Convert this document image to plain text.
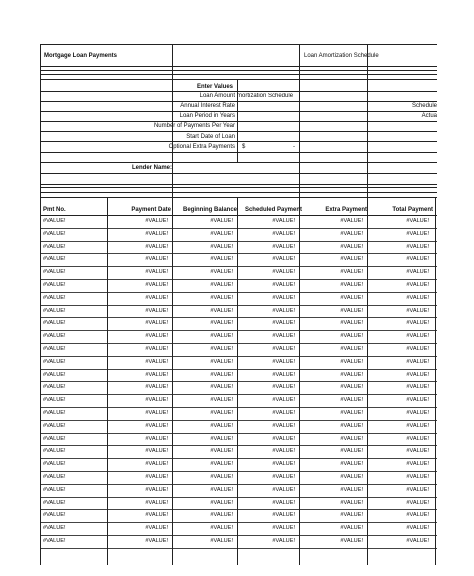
Mortgage Loan Payments	Loan Amortization Schedule
Enter Values
Loan Amount mortization Schedule
Annual Interest Rate	Schedule
Loan Period in Years	Actua
Number of Payments Per Year
Start Date of Loan
Optional Extra Payments $	-
Lender Name:
Pmt No.	Payment Date	Beginning Balance	Scheduled Payment	Extra Payment	Total Payment
#VALUE!	#VALUE!	#VALUE!	#VALUE!	#VALUE!	#VALUE!
#VALUE!	#VALUE!	#VALUE!	#VALUE!	#VALUE!	#VALUE!
#VALUE!	#VALUE!	#VALUE!	#VALUE!	#VALUE!	#VALUE!
#VALUE!	#VALUE!	#VALUE!	#VALUE!	#VALUE!	#VALUE!
#VALUE!	#VALUE!	#VALUE!	#VALUE!	#VALUE!	#VALUE!
#VALUE!	#VALUE!	#VALUE!	#VALUE!	#VALUE!	#VALUE!
#VALUE!	#VALUE!	#VALUE!	#VALUE!	#VALUE!	#VALUE!
#VALUE!	#VALUE!	#VALUE!	#VALUE!	#VALUE!	#VALUE!
#VALUE!	#VALUE!	#VALUE!	#VALUE!	#VALUE!	#VALUE!
#VALUE!	#VALUE!	#VALUE!	#VALUE!	#VALUE!	#VALUE!
#VALUE!	#VALUE!	#VALUE!	#VALUE!	#VALUE!	#VALUE!
#VALUE!	#VALUE!	#VALUE!	#VALUE!	#VALUE!	#VALUE!
#VALUE!	#VALUE!	#VALUE!	#VALUE!	#VALUE!	#VALUE!
#VALUE!	#VALUE!	#VALUE!	#VALUE!	#VALUE!	#VALUE!
#VALUE!	#VALUE!	#VALUE!	#VALUE!	#VALUE!	#VALUE!
#VALUE!	#VALUE!	#VALUE!	#VALUE!	#VALUE!	#VALUE!
#VALUE!	#VALUE!	#VALUE!	#VALUE!	#VALUE!	#VALUE!
#VALUE!	#VALUE!	#VALUE!	#VALUE!	#VALUE!	#VALUE!
#VALUE!	#VALUE!	#VALUE!	#VALUE!	#VALUE!	#VALUE!
#VALUE!	#VALUE!	#VALUE!	#VALUE!	#VALUE!	#VALUE!
#VALUE!	#VALUE!	#VALUE!	#VALUE!	#VALUE!	#VALUE!
#VALUE!	#VALUE!	#VALUE!	#VALUE!	#VALUE!	#VALUE!
#VALUE!	#VALUE!	#VALUE!	#VALUE!	#VALUE!	#VALUE!
#VALUE!	#VALUE!	#VALUE!	#VALUE!	#VALUE!	#VALUE!
#VALUE!	#VALUE!	#VALUE!	#VALUE!	#VALUE!	#VALUE!
#VALUE!	#VALUE!	#VALUE!	#VALUE!	#VALUE!	#VALUE!
